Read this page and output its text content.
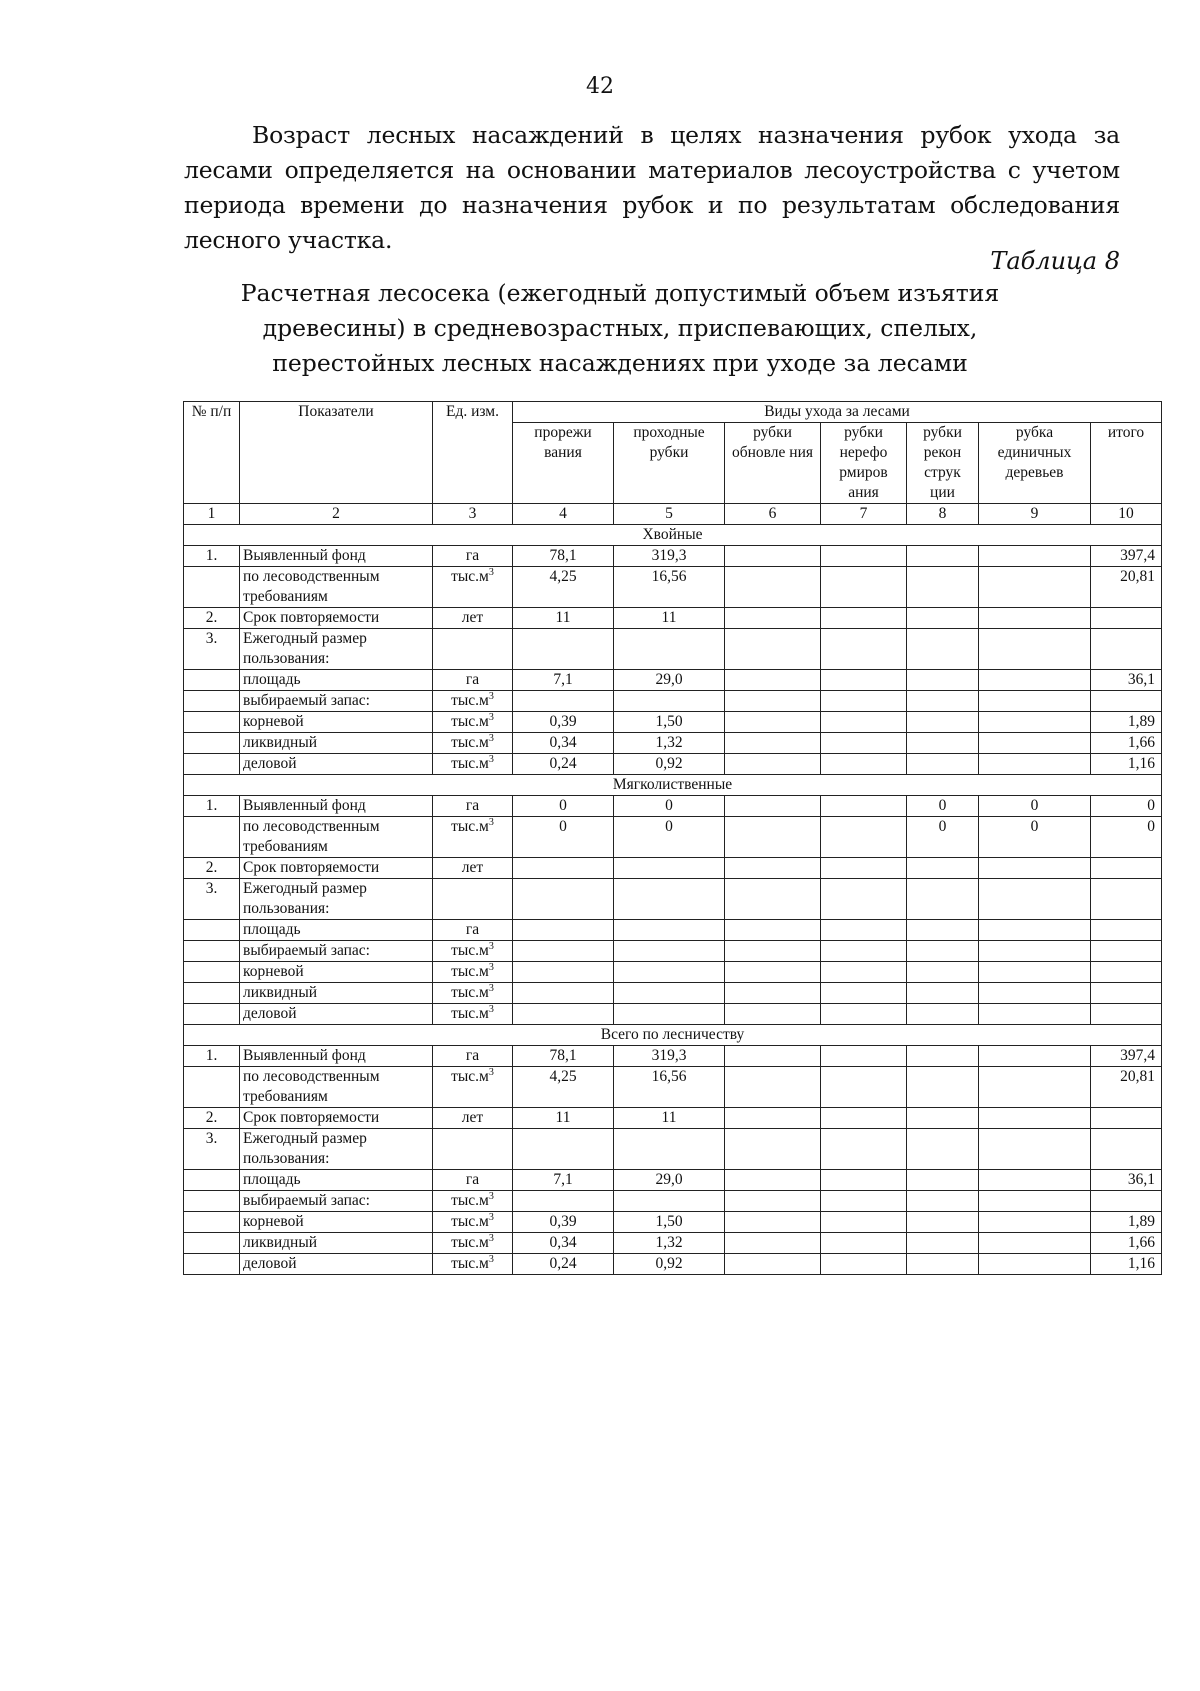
42

Возраст лесных насаждений в целях назначения рубок ухода за лесами определяется на основании материалов лесоустройства с учетом периода времени до назначения рубок и по результатам обследования лесного участка.

Таблица 8

Расчетная лесосека (ежегодный допустимый объем изъятия древесины) в средневозрастных, приспевающих, спелых, перестойных лесных насаждениях при уходе за лесами

№ п/п	Показатели	Ед. изм.	Виды ухода за лесами						
			прорежи вания	проходные рубки	рубки обновле ния	рубки нерефо рмиров ания	рубки рекон струк ции	рубка единичных деревьев	итого
1	2	3	4	5	6	7	8	9	10
Хвойные									
1.	Выявленный фонд	га	78,1	319,3					397,4
	по лесоводственным требованиям	$тыс.м^3$	4,25	16,56					20,81
2.	Срок повторяемости	лет	11	11					
3.	Ежегодный размер пользования:								
	площадь	га	7,1	29,0					36,1
	выбираемый запас:	$тыс.м^3$							
	корневой	$тыс.м^3$	0,39	1,50					1,89
	ликвидный	$тыс.м^3$	0,34	1,32					1,66
	деловой	$тыс.м^3$	0,24	0,92					1,16
Мягколиственные									
1.	Выявленный фонд	га	0	0			0	0	0
	по лесоводственным требованиям	$тыс.м^3$	0	0			0	0	0
2.	Срок повторяемости	лет							
3.	Ежегодный размер пользования:								
	площадь	га							
	выбираемый запас:	$тыс.м^3$							
	корневой	$тыс.м^3$							
	ликвидный	$тыс.м^3$							
	деловой	$тыс.м^3$							
Всего по лесничеству									
1.	Выявленный фонд	га	78,1	319,3					397,4
	по лесоводственным требованиям	$тыс.м^3$	4,25	16,56					20,81
2.	Срок повторяемости	лет	11	11					
3.	Ежегодный размер пользования:								
	площадь	га	7,1	29,0					36,1
	выбираемый запас:	$тыс.м^3$							
	корневой	$тыс.м^3$	0,39	1,50					1,89
	ликвидный	$тыс.м^3$	0,34	1,32					1,66
	деловой	$тыс.м^3$	0,24	0,92					1,16
